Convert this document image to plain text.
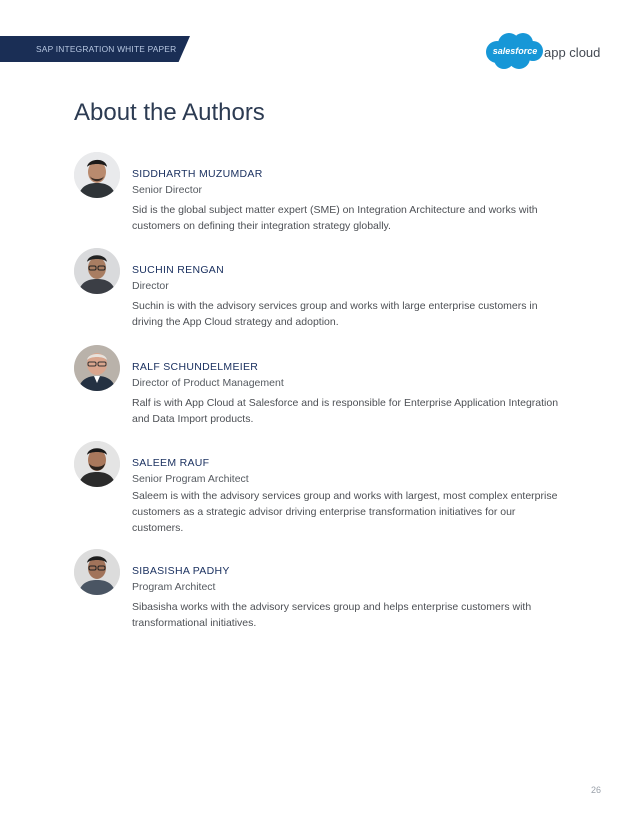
SAP INTEGRATION WHITE PAPER	salesforce app cloud
About the Authors
SIDDHARTH MUZUMDAR
Senior Director
Sid is the global subject matter expert (SME) on Integration Architecture and works with customers on defining their integration strategy globally.
SUCHIN RENGAN
Director
Suchin is with the advisory services group and works with large enterprise customers in driving the App Cloud strategy and adoption.
RALF SCHUNDELMEIER
Director of Product Management
Ralf is with App Cloud at Salesforce and is responsible for Enterprise Application Integration and Data Import products.
SALEEM RAUF
Senior Program Architect
Saleem is with the advisory services group and works with largest, most complex enterprise customers as a strategic advisor driving enterprise transformation initiatives for our customers.
SIBASISHA PADHY
Program Architect
Sibasisha works with the advisory services group and helps enterprise customers with transformational initiatives.
26
